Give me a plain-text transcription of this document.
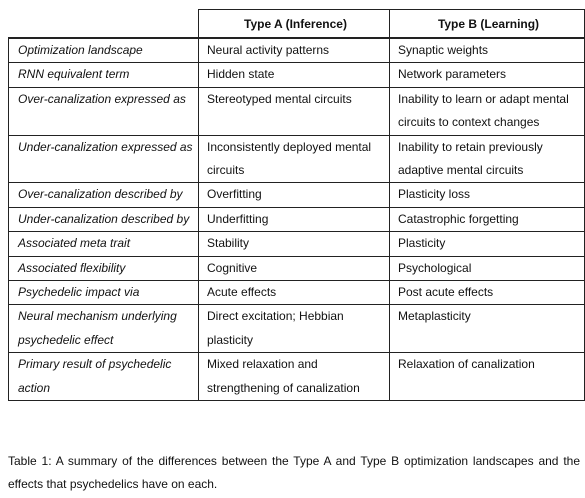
	Type A (Inference)	Type B (Learning)
Optimization landscape	Neural activity patterns	Synaptic weights
RNN equivalent term	Hidden state	Network parameters
Over-canalization expressed as	Stereotyped mental circuits	Inability to learn or adapt mental circuits to context changes
Under-canalization expressed as	Inconsistently deployed mental circuits	Inability to retain previously adaptive mental circuits
Over-canalization described by	Overfitting	Plasticity loss
Under-canalization described by	Underfitting	Catastrophic forgetting
Associated meta trait	Stability	Plasticity
Associated flexibility	Cognitive	Psychological
Psychedelic impact via	Acute effects	Post acute effects
Neural mechanism underlying psychedelic effect	Direct excitation; Hebbian plasticity	Metaplasticity
Primary result of psychedelic action	Mixed relaxation and strengthening of canalization	Relaxation of canalization
Table 1: A summary of the differences between the Type A and Type B optimization landscapes and the effects that psychedelics have on each.
